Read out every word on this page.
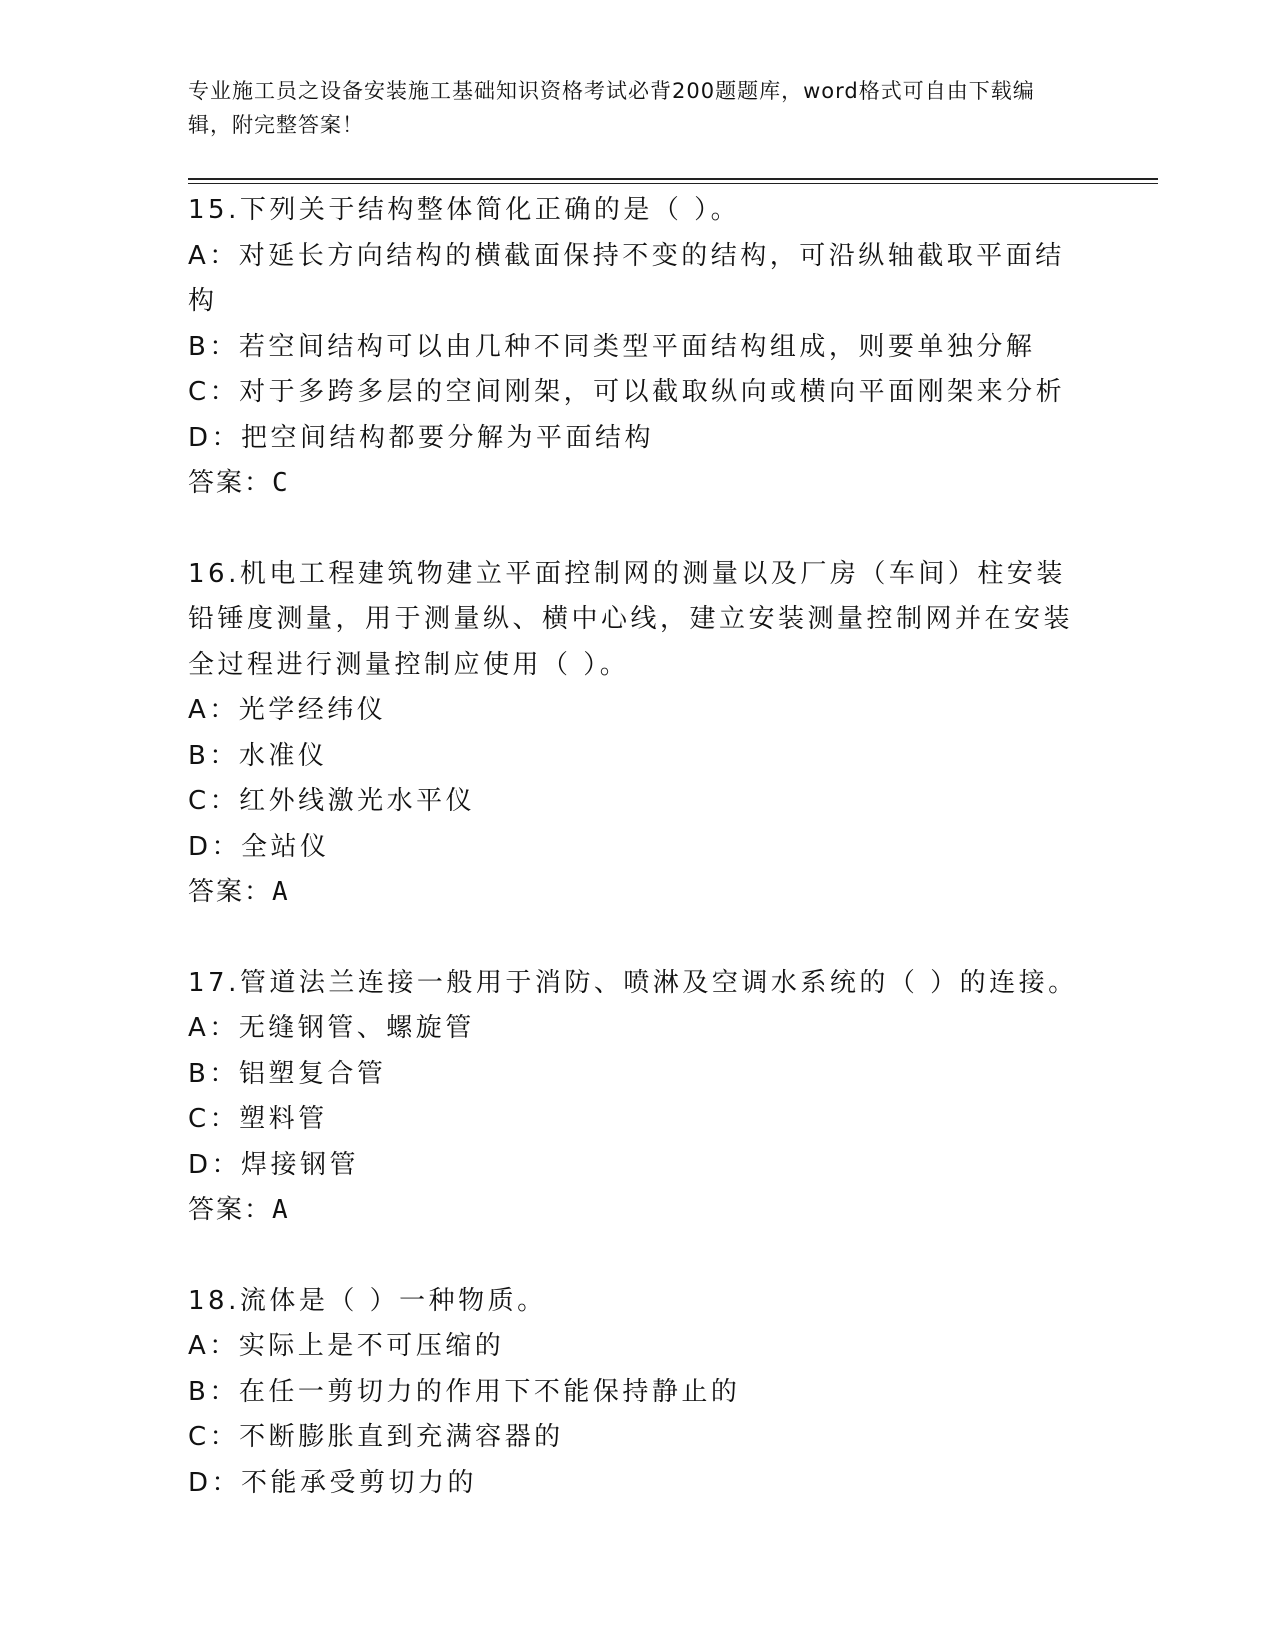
专业施工员之设备安装施工基础知识资格考试必背200题题库，word格式可自由下载编辑，附完整答案！
15.下列关于结构整体简化正确的是（ ）。
A：对延长方向结构的横截面保持不变的结构，可沿纵轴截取平面结构
B：若空间结构可以由几种不同类型平面结构组成，则要单独分解
C：对于多跨多层的空间刚架，可以截取纵向或横向平面刚架来分析
D：把空间结构都要分解为平面结构
答案：C
16.机电工程建筑物建立平面控制网的测量以及厂房（车间）柱安装铅锤度测量，用于测量纵、横中心线，建立安装测量控制网并在安装全过程进行测量控制应使用（ ）。
A：光学经纬仪
B：水准仪
C：红外线激光水平仪
D：全站仪
答案：A
17.管道法兰连接一般用于消防、喷淋及空调水系统的（ ）的连接。
A：无缝钢管、螺旋管
B：铝塑复合管
C：塑料管
D：焊接钢管
答案：A
18.流体是（ ）一种物质。
A：实际上是不可压缩的
B：在任一剪切力的作用下不能保持静止的
C：不断膨胀直到充满容器的
D：不能承受剪切力的
